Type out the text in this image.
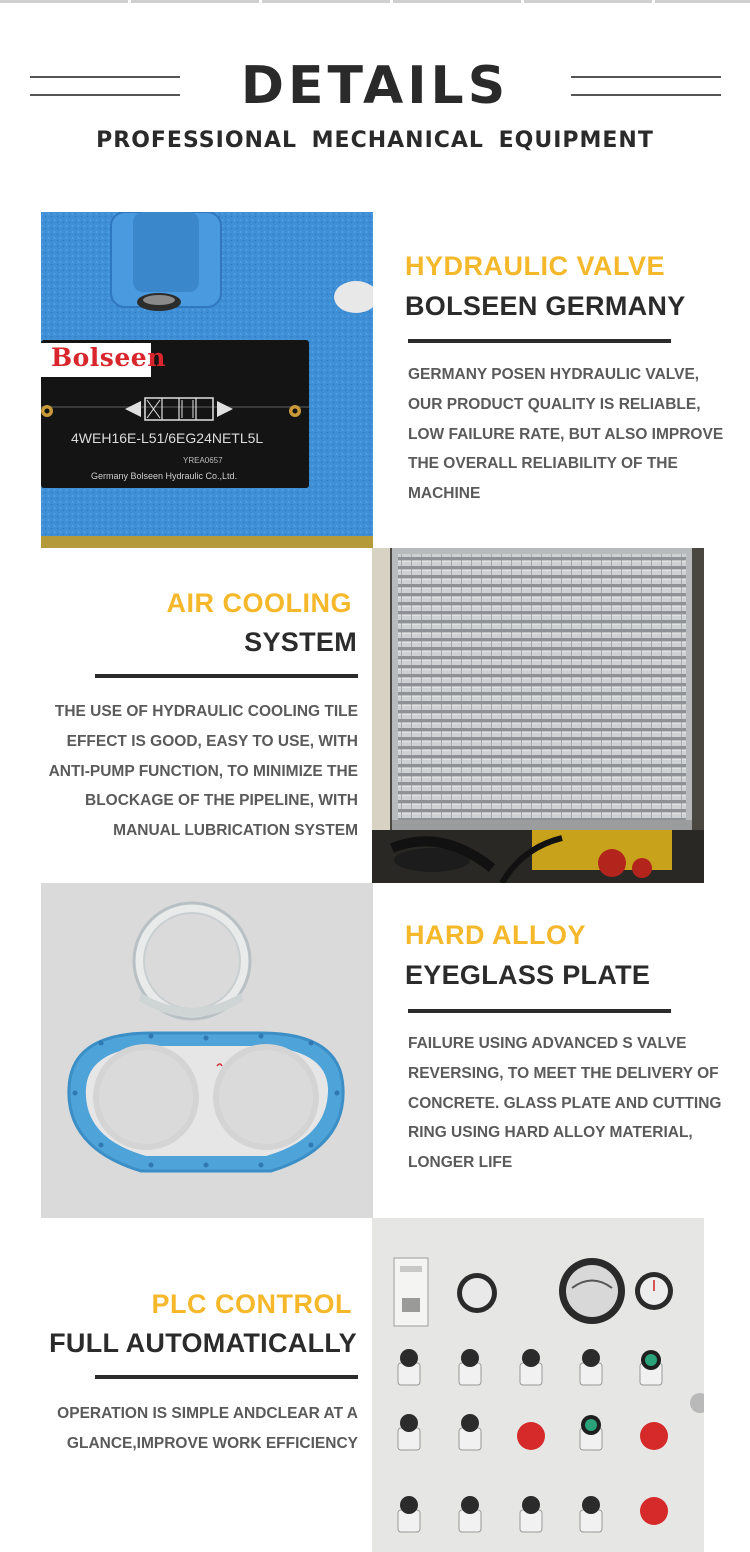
DETAILS
PROFESSIONAL MECHANICAL EQUIPMENT
Bolseen
4WEH16E-L51/6EG24NETL5L
YREA0657
Germany Bolseen Hydraulic Co.,Ltd.
HYDRAULIC VALVE
BOLSEEN GERMANY
GERMANY POSEN HYDRAULIC VALVE,
OUR PRODUCT QUALITY IS RELIABLE,
LOW FAILURE RATE, BUT ALSO IMPROVE
THE OVERALL RELIABILITY OF THE
MACHINE
AIR COOLING
SYSTEM
THE USE OF HYDRAULIC COOLING TILE
EFFECT IS GOOD, EASY TO USE, WITH
ANTI-PUMP FUNCTION, TO MINIMIZE THE
BLOCKAGE OF THE PIPELINE, WITH
MANUAL LUBRICATION SYSTEM
HARD ALLOY
EYEGLASS PLATE
FAILURE USING ADVANCED S VALVE
REVERSING, TO MEET THE DELIVERY OF
CONCRETE. GLASS PLATE AND CUTTING
RING USING HARD ALLOY MATERIAL,
LONGER LIFE
PLC CONTROL
FULL AUTOMATICALLY
OPERATION IS SIMPLE ANDCLEAR AT A
GLANCE,IMPROVE WORK EFFICIENCY
